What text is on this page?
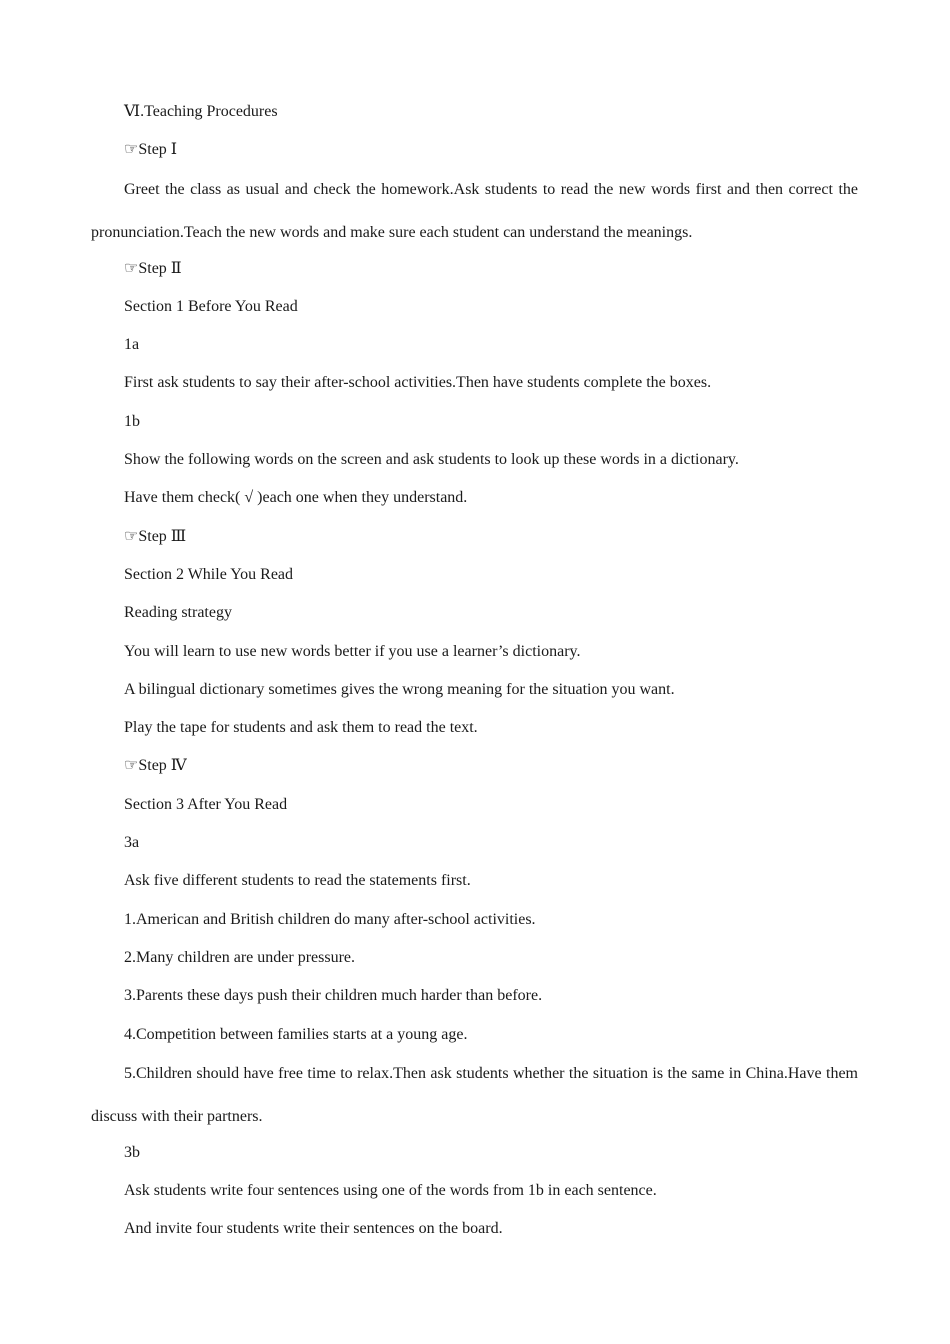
Ⅵ.Teaching Procedures

☞Step Ⅰ

Greet the class as usual and check the homework.Ask students to read the new words first and then correct the pronunciation.Teach the new words and make sure each student can understand the meanings.

☞Step Ⅱ

Section 1 Before You Read

1a

First ask students to say their after-school activities.Then have students complete the boxes.

1b

Show the following words on the screen and ask students to look up these words in a dictionary.

Have them check( √ )each one when they understand.

☞Step Ⅲ

Section 2 While You Read

Reading strategy

You will learn to use new words better if you use a learner’s dictionary.

A bilingual dictionary sometimes gives the wrong meaning for the situation you want.

Play the tape for students and ask them to read the text.

☞Step Ⅳ

Section 3 After You Read

3a

Ask five different students to read the statements first.

1.American and British children do many after-school activities.

2.Many children are under pressure.

3.Parents these days push their children much harder than before.

4.Competition between families starts at a young age.

5.Children should have free time to relax.Then ask students whether the situation is the same in China.Have them discuss with their partners.

3b

Ask students write four sentences using one of the words from 1b in each sentence.

And invite four students write their sentences on the board.
